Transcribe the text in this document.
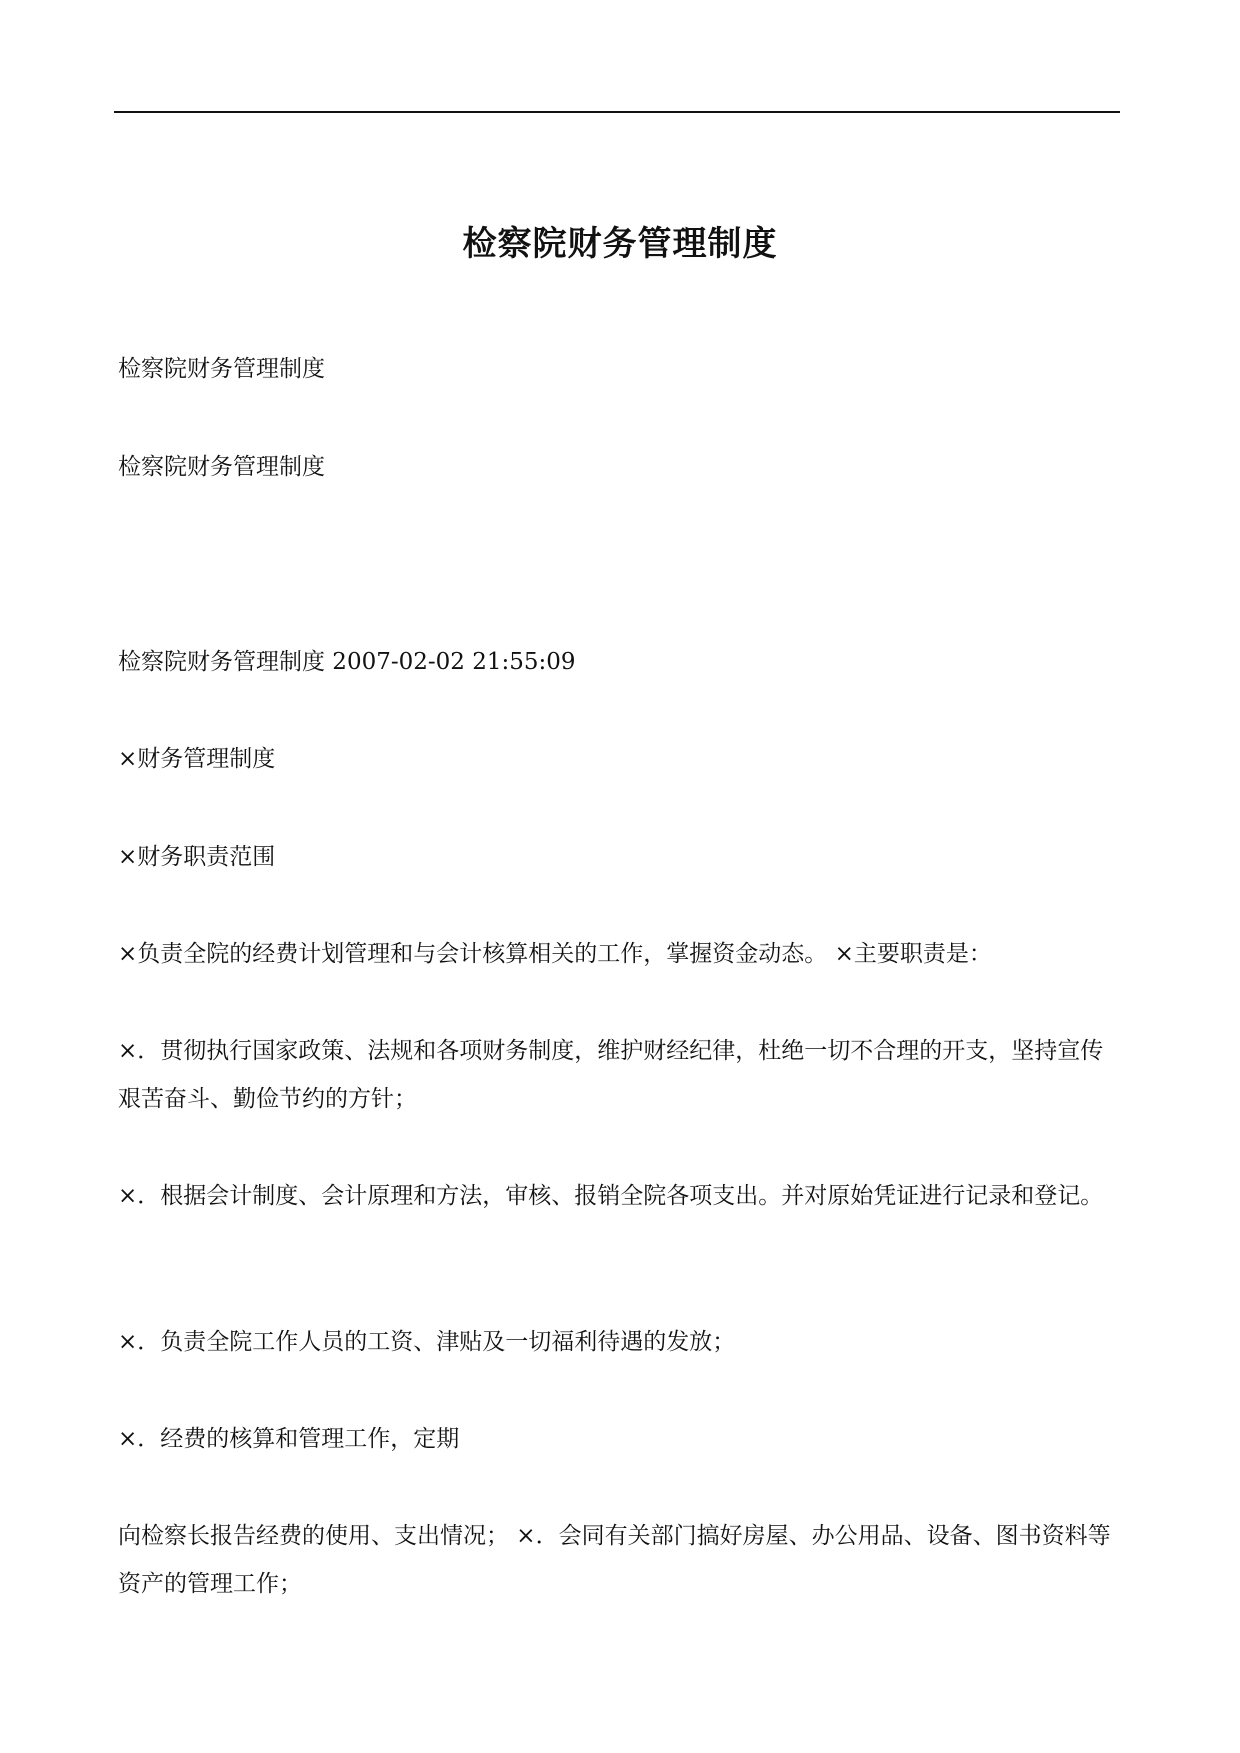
检察院财务管理制度
检察院财务管理制度
检察院财务管理制度
检察院财务管理制度 2007-02-02 21:55:09
×财务管理制度
×财务职责范围
×负责全院的经费计划管理和与会计核算相关的工作，掌握资金动态。 ×主要职责是：
×．贯彻执行国家政策、法规和各项财务制度，维护财经纪律，杜绝一切不合理的开支，坚持宣传艰苦奋斗、勤俭节约的方针；
×．根据会计制度、会计原理和方法，审核、报销全院各项支出。并对原始凭证进行记录和登记。
×．负责全院工作人员的工资、津贴及一切福利待遇的发放；
×．经费的核算和管理工作，定期
向检察长报告经费的使用、支出情况； ×．会同有关部门搞好房屋、办公用品、设备、图书资料等资产的管理工作；
